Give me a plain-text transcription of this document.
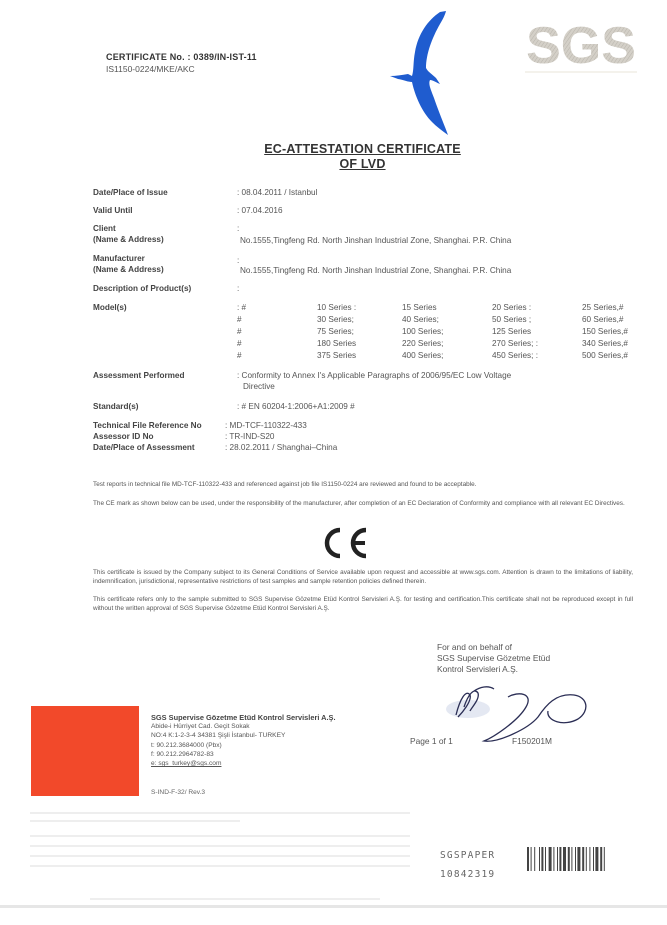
CERTIFICATE No. : 0389/IN-IST-11
IS1150-0224/MKE/AKC	SGS
EC-ATTESTATION CERTIFICATE
OF LVD
Date/Place of Issue	: 08.04.2011 / Istanbul
Valid Until	: 07.04.2016
Client
(Name & Address)
:
No.1555,Tingfeng Rd. North Jinshan Industrial Zone, Shanghai. P.R. China
Manufacturer
(Name & Address)
:
No.1555,Tingfeng Rd. North Jinshan Industrial Zone, Shanghai. P.R. China
Description of Product(s)	:
Model(s)	: #	10 Series :	15 Series	20 Series :	25 Series,#
#	30 Series;	40 Series;	50 Series ;	60 Series,#
#	75 Series;	100 Series;	125 Series	150 Series,#
#	180 Series	220 Series;	270 Series; :	340 Series,#
#	375 Series	400 Series;	450 Series; :	500 Series,#
Assessment Performed	: Conformity to Annex I's Applicable Paragraphs of 2006/95/EC Low Voltage
Directive
Standard(s)	: # EN 60204-1:2006+A1:2009 #
Technical File Reference No	: MD-TCF-110322-433
Assessor ID No	: TR-IND-S20
Date/Place of Assessment	: 28.02.2011 / Shanghai–China
Test reports in technical file MD-TCF-110322-433 and referenced against job file IS1150-0224 are reviewed and found to be acceptable.
The CE mark as shown below can be used, under the responsibility of the manufacturer, after completion of an EC Declaration of Conformity and compliance with all relevant EC Directives.
CE
This certificate is issued by the Company subject to its General Conditions of Service available upon request and accessible at www.sgs.com. Attention is drawn to the limitations of liability, indemnification, jurisdictional, representative restrictions of test samples and sample retention policies defined therein.
This certificate refers only to the sample submitted to SGS Supervise Gözetme Etüd Kontrol Servisleri A.Ş. for testing and certification.This certificate shall not be reproduced except in full without the written approval of SGS Supervise Gözetme Etüd Kontrol Servisleri A.Ş.
For and on behalf of
SGS Supervise Gözetme Etüd
Kontrol Servisleri A.Ş.
Page 1 of 1	F150201M
SGS Supervise Gözetme Etüd Kontrol Servisleri A.Ş.
Abide-i Hürriyet Cad. Geçit Sokak
NO:4 K:1-2-3-4 34381 Şişli İstanbul- TURKEY
t: 90.212.3684000 (Pbx)
f: 90.212.2964782-83
e: sgs_turkey@sgs.com
S-IND-F-32/ Rev.3
SGSPAPER
10842319
